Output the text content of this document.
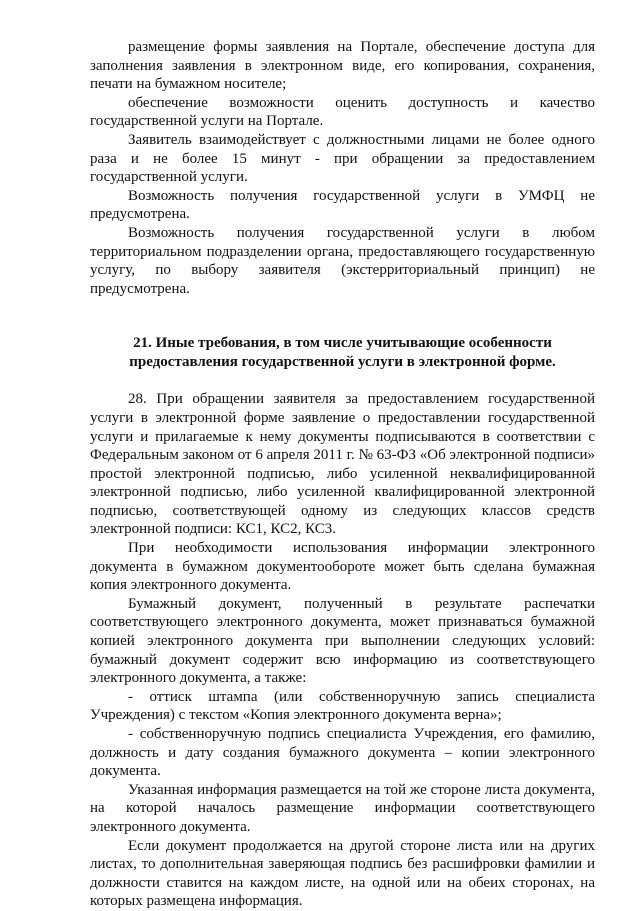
размещение формы заявления на Портале, обеспечение доступа для заполнения заявления в электронном виде, его копирования, сохранения, печати на бумажном носителе;

обеспечение возможности оценить доступность и качество государственной услуги на Портале.

Заявитель взаимодействует с должностными лицами не более одного раза и не более 15 минут - при обращении за предоставлением государственной услуги.

Возможность получения государственной услуги в УМФЦ не предусмотрена.

Возможность получения государственной услуги в любом территориальном подразделении органа, предоставляющего государственную услугу, по выбору заявителя (экстерриториальный принцип) не предусмотрена.

21. Иные требования, в том числе учитывающие особенности
предоставления государственной услуги в электронной форме.

28. При обращении заявителя за предоставлением государственной услуги в электронной форме заявление о предоставлении государственной услуги и прилагаемые к нему документы подписываются в соответствии с Федеральным законом от 6 апреля 2011 г. № 63-ФЗ «Об электронной подписи» простой электронной подписью, либо усиленной неквалифицированной электронной подписью, либо усиленной квалифицированной электронной подписью, соответствующей одному из следующих классов средств электронной подписи: КС1, КС2, КС3.

При необходимости использования информации электронного документа в бумажном документообороте может быть сделана бумажная копия электронного документа.

Бумажный документ, полученный в результате распечатки соответствующего электронного документа, может признаваться бумажной копией электронного документа при выполнении следующих условий: бумажный документ содержит всю информацию из соответствующего электронного документа, а также:

- оттиск штампа (или собственноручную запись специалиста Учреждения) с текстом «Копия электронного документа верна»;

- собственноручную подпись специалиста Учреждения, его фамилию, должность и дату создания бумажного документа – копии электронного документа.

Указанная информация размещается на той же стороне листа документа, на которой началось размещение информации соответствующего электронного документа.

Если документ продолжается на другой стороне листа или на других листах, то дополнительная заверяющая подпись без расшифровки фамилии и должности ставится на каждом листе, на одной или на обеих сторонах, на которых размещена информация.
